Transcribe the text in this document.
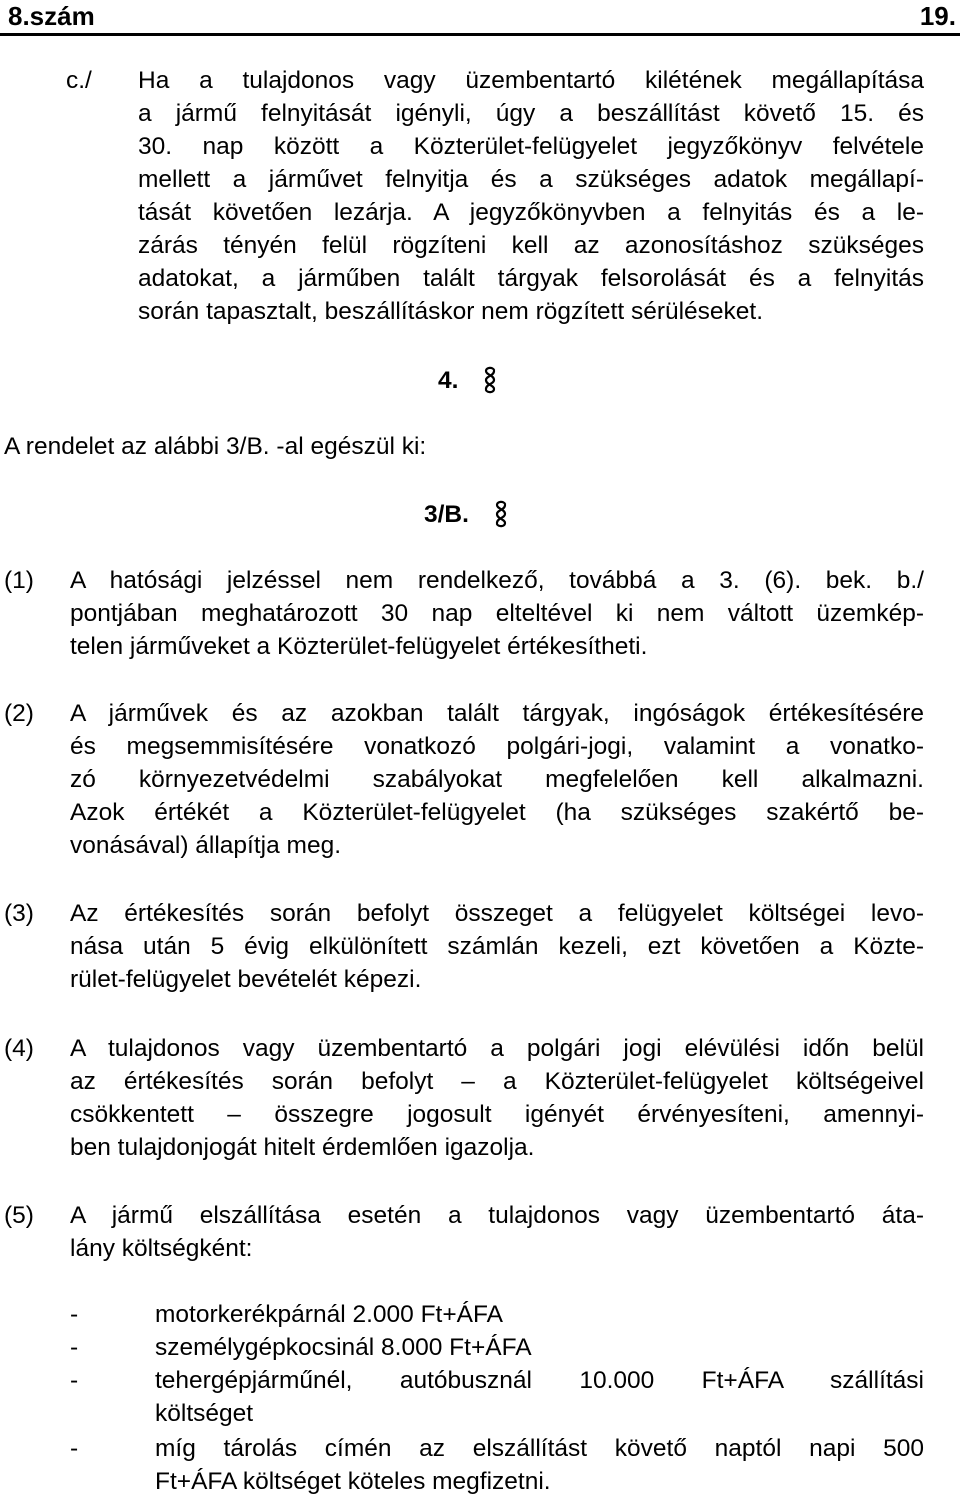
8.szám	19.
c./ Ha a tulajdonos vagy üzembentartó kilétének megállapítása
a jármű felnyitását igényli, úgy a beszállítást követő 15. és
30. nap között a Közterület-felügyelet jegyzőkönyv felvétele
mellett a járművet felnyitja és a szükséges adatok megállapí-
tását követően lezárja. A jegyzőkönyvben a felnyitás és a le-
zárás tényén felül rögzíteni kell az azonosításhoz szükséges
adatokat, a járműben talált tárgyak felsorolását és a felnyitás
során tapasztalt, beszállításkor nem rögzített sérüléseket.
4.
A rendelet az alábbi 3/B. -al egészül ki:
3/B.
(1) A hatósági jelzéssel nem rendelkező, továbbá a 3. (6). bek. b./
pontjában meghatározott 30 nap elteltével ki nem váltott üzemkép-
telen járműveket a Közterület-felügyelet értékesítheti.
(2) A járművek és az azokban talált tárgyak, ingóságok értékesítésére
és megsemmisítésére vonatkozó polgári-jogi, valamint a vonatko-
zó környezetvédelmi szabályokat megfelelően kell alkalmazni.
Azok értékét a Közterület-felügyelet (ha szükséges szakértő be-
vonásával) állapítja meg.
(3) Az értékesítés során befolyt összeget a felügyelet költségei levo-
nása után 5 évig elkülönített számlán kezeli, ezt követően a Közte-
rület-felügyelet bevételét képezi.
(4) A tulajdonos vagy üzembentartó a polgári jogi elévülési időn belül
az értékesítés során befolyt – a Közterület-felügyelet költségeivel
csökkentett – összegre jogosult igényét érvényesíteni, amennyi-
ben tulajdonjogát hitelt érdemlően igazolja.
(5) A jármű elszállítása esetén a tulajdonos vagy üzembentartó áta-
lány költségként:
-	motorkerékpárnál 2.000 Ft+ÁFA
-	személygépkocsinál 8.000 Ft+ÁFA
-	tehergépjárműnél, autóbusznál 10.000 Ft+ÁFA szállítási
költséget
-	míg tárolás címén az elszállítást követő naptól napi 500
Ft+ÁFA költséget köteles megfizetni.
